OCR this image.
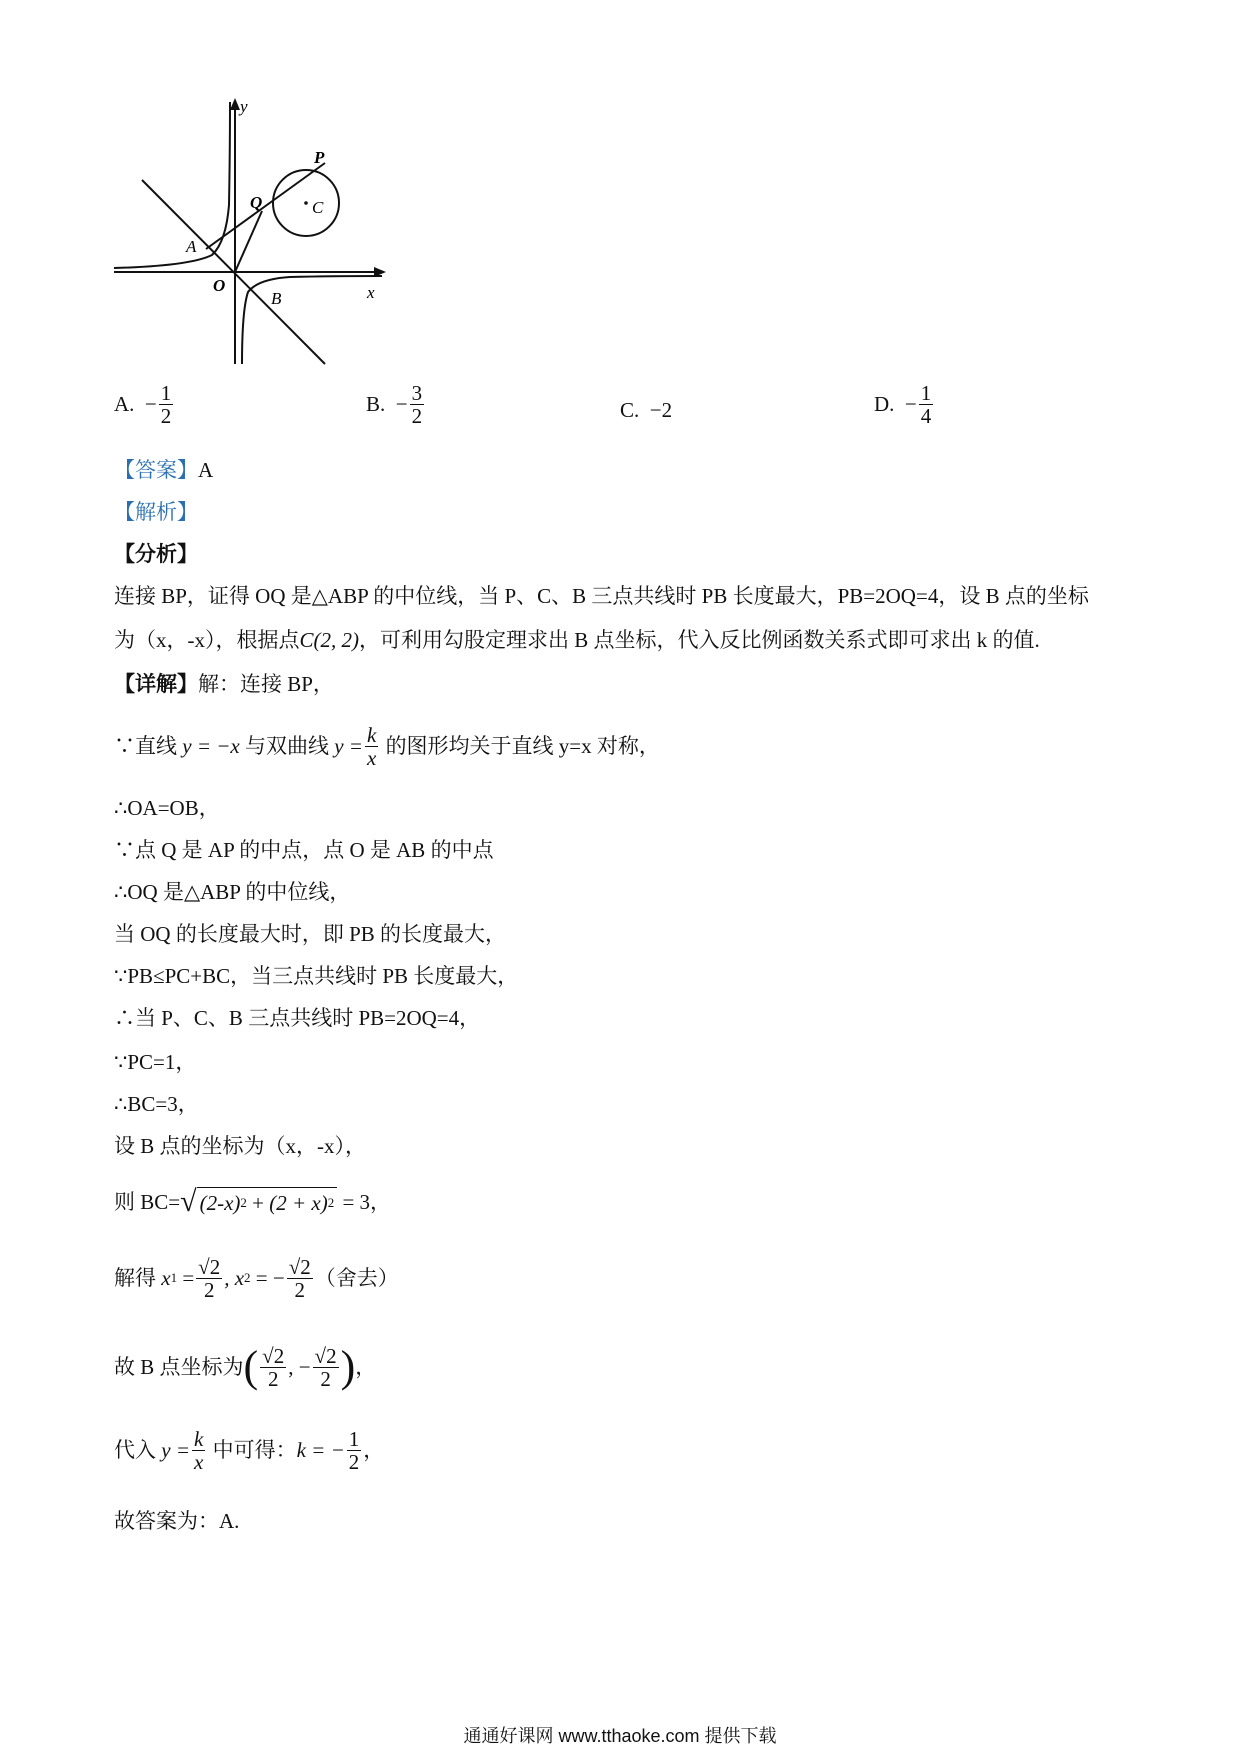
y
x
O
A
B
P
Q	C
A.
− $\frac{1}{2}$	B.
− $\frac{3}{2}$	C.
−2	D.
− $\frac{1}{4}$
【答案】A
【解析】
【分析】
连接 BP，证得 OQ 是△ABP 的中位线，当 P、C、B 三点共线时 PB 长度最大，PB=2OQ=4，设 B 点的坐标
为（x，-x），根据点C(2, 2)，可利用勾股定理求出 B 点坐标，代入反比例函数关系式即可求出 k 的值.
【详解】解：连接 BP，
∵直线
y = −x
与双曲线
$y = \frac{k}{x}$
的图形均关于直线 y=x 对称，
∴OA=OB，
∵点 Q 是 AP 的中点，点 O 是 AB 的中点
∴OQ 是△ABP 的中位线，
当 OQ 的长度最大时，即 PB 的长度最大，
∵PB≤PC+BC，当三点共线时 PB 长度最大，
∴当 P、C、B 三点共线时 PB=2OQ=4，
∵PC=1，
∴BC=3，
设 B 点的坐标为（x，-x），
则 BC= √ (2-x) 2
+
(2 + x) 2
= 3，
解得
x 1
= $\frac{√2}{2}$ , x 2
= − $\frac{√2}{2}$ （舍去）
故 B 点坐标为 ( $\frac{√2}{2}$ , − $\frac{√2}{2}$ ) ，
代入
$y = \frac{k}{x}$
中可得： k = − $\frac{1}{2}$ ，
故答案为：A.
通通好课网 www.tthaoke.com 提供下载
